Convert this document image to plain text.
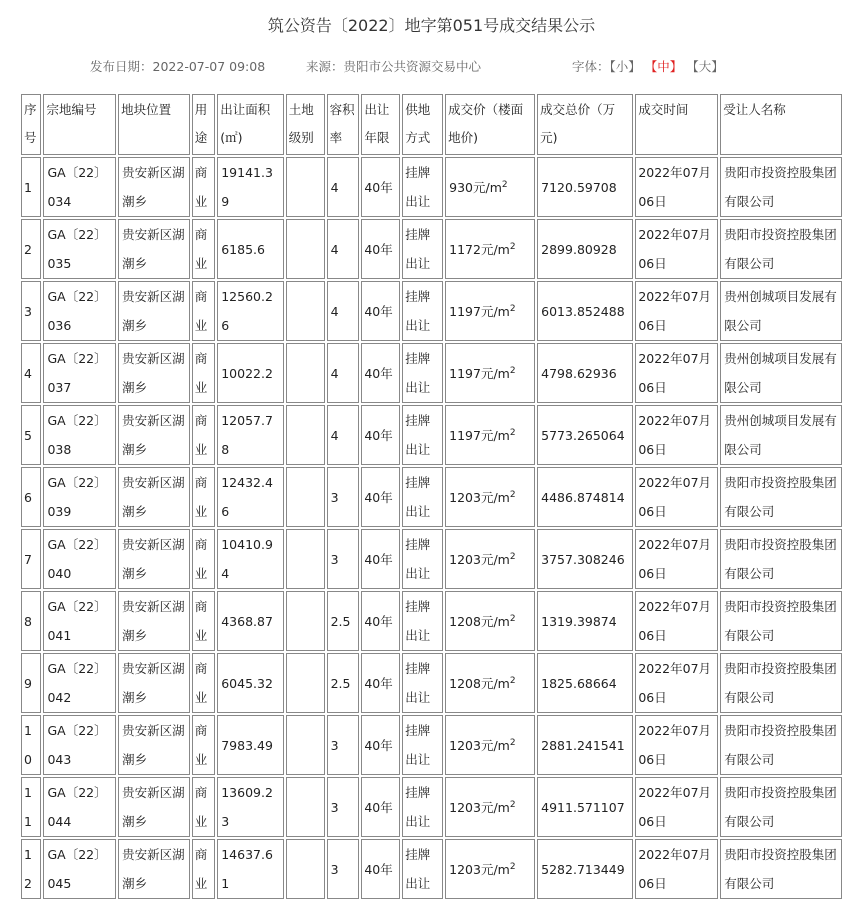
筑公资告〔2022〕地字第051号成交结果公示
发布日期：2022-07-07 09:08	来源：贵阳市公共资源交易中心	字体：【小】 【中】 【大】
序号	宗地编号	地块位置	用途	出让面积(㎡)	土地级别	容积率	出让年限	供地方式	成交价（楼面地价)	成交总价（万元)	成交时间	受让人名称
1	GA〔22〕034	贵安新区湖潮乡	商业	19141.39		4	40年	挂牌出让	930元$/m^2$	7120.59708	2022年07月06日	贵阳市投资控股集团有限公司
2	GA〔22〕035	贵安新区湖潮乡	商业	6185.6		4	40年	挂牌出让	1172元$/m^2$	2899.80928	2022年07月06日	贵阳市投资控股集团有限公司
3	GA〔22〕036	贵安新区湖潮乡	商业	12560.26		4	40年	挂牌出让	1197元$/m^2$	6013.852488	2022年07月06日	贵州创城项目发展有限公司
4	GA〔22〕037	贵安新区湖潮乡	商业	10022.2		4	40年	挂牌出让	1197元$/m^2$	4798.62936	2022年07月06日	贵州创城项目发展有限公司
5	GA〔22〕038	贵安新区湖潮乡	商业	12057.78		4	40年	挂牌出让	1197元$/m^2$	5773.265064	2022年07月06日	贵州创城项目发展有限公司
6	GA〔22〕039	贵安新区湖潮乡	商业	12432.46		3	40年	挂牌出让	1203元$/m^2$	4486.874814	2022年07月06日	贵阳市投资控股集团有限公司
7	GA〔22〕040	贵安新区湖潮乡	商业	10410.94		3	40年	挂牌出让	1203元$/m^2$	3757.308246	2022年07月06日	贵阳市投资控股集团有限公司
8	GA〔22〕041	贵安新区湖潮乡	商业	4368.87		2.5	40年	挂牌出让	1208元$/m^2$	1319.39874	2022年07月06日	贵阳市投资控股集团有限公司
9	GA〔22〕042	贵安新区湖潮乡	商业	6045.32		2.5	40年	挂牌出让	1208元$/m^2$	1825.68664	2022年07月06日	贵阳市投资控股集团有限公司
10	GA〔22〕043	贵安新区湖潮乡	商业	7983.49		3	40年	挂牌出让	1203元$/m^2$	2881.241541	2022年07月06日	贵阳市投资控股集团有限公司
11	GA〔22〕044	贵安新区湖潮乡	商业	13609.23		3	40年	挂牌出让	1203元$/m^2$	4911.571107	2022年07月06日	贵阳市投资控股集团有限公司
12	GA〔22〕045	贵安新区湖潮乡	商业	14637.61		3	40年	挂牌出让	1203元$/m^2$	5282.713449	2022年07月06日	贵阳市投资控股集团有限公司
